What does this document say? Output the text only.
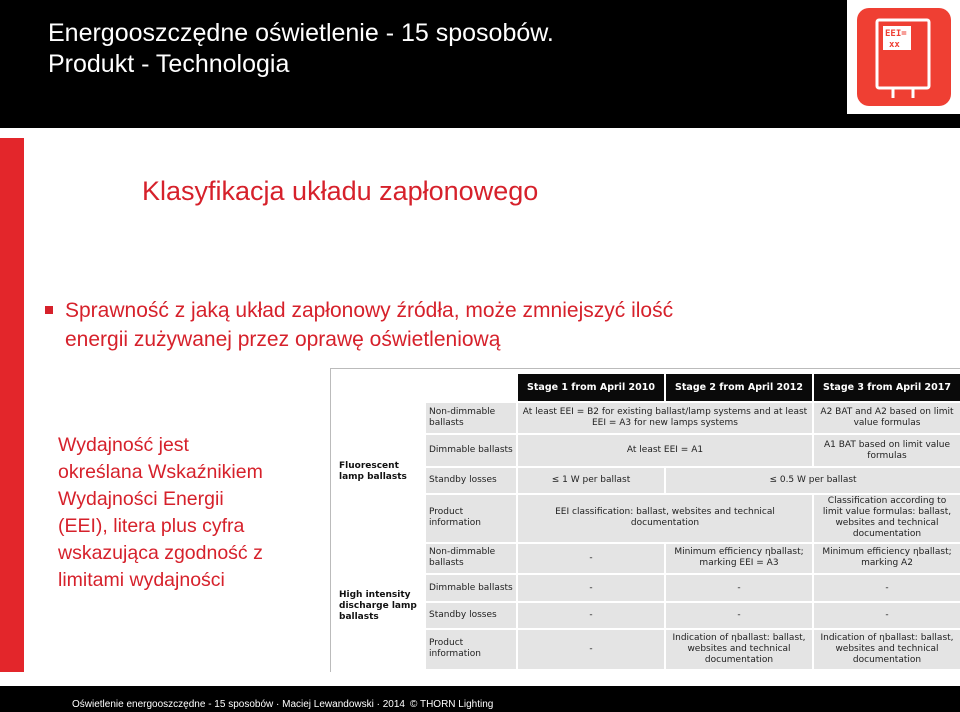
Energooszczędne oświetlenie - 15 sposobów.
Produkt - Technologia
EEI=
xx
Klasyfikacja układu zapłonowego
Sprawność z jaką układ zapłonowy źródła, może zmniejszyć ilość
energii zużywanej przez oprawę oświetleniową
Wydajność jest
określana Wskaźnikiem
Wydajności Energii
(EEI), litera plus cyfra
wskazująca zgodność z
limitami wydajności
		Stage 1 from April 2010	Stage 2 from April 2012	Stage 3 from April 2017
Fluorescent lamp ballasts	Non-dimmable ballasts	At least EEI = B2 for existing ballast/lamp systems and at least EEI = A3 for new lamps systems		A2 BAT and A2 based on limit value formulas
	Dimmable ballasts	At least EEI = A1		A1 BAT based on limit value formulas
	Standby losses	≤ 1 W per ballast	≤ 0.5 W per ballast	
	Product information	EEI classification: ballast, websites and technical documentation		Classification according to limit value formulas: ballast, websites and technical documentation
High intensity discharge lamp ballasts	Non-dimmable ballasts	-	Minimum efficiency ηballast; marking EEI = A3	Minimum efficiency ηballast; marking A2
	Dimmable ballasts	-	-	-
	Standby losses	-	-	-
	Product information	-	Indication of ηballast: ballast, websites and technical documentation	Indication of ηballast: ballast, websites and technical documentation
Oświetlenie energooszczędne - 15 sposobów · Maciej Lewandowski · 2014 © THORN Lighting
